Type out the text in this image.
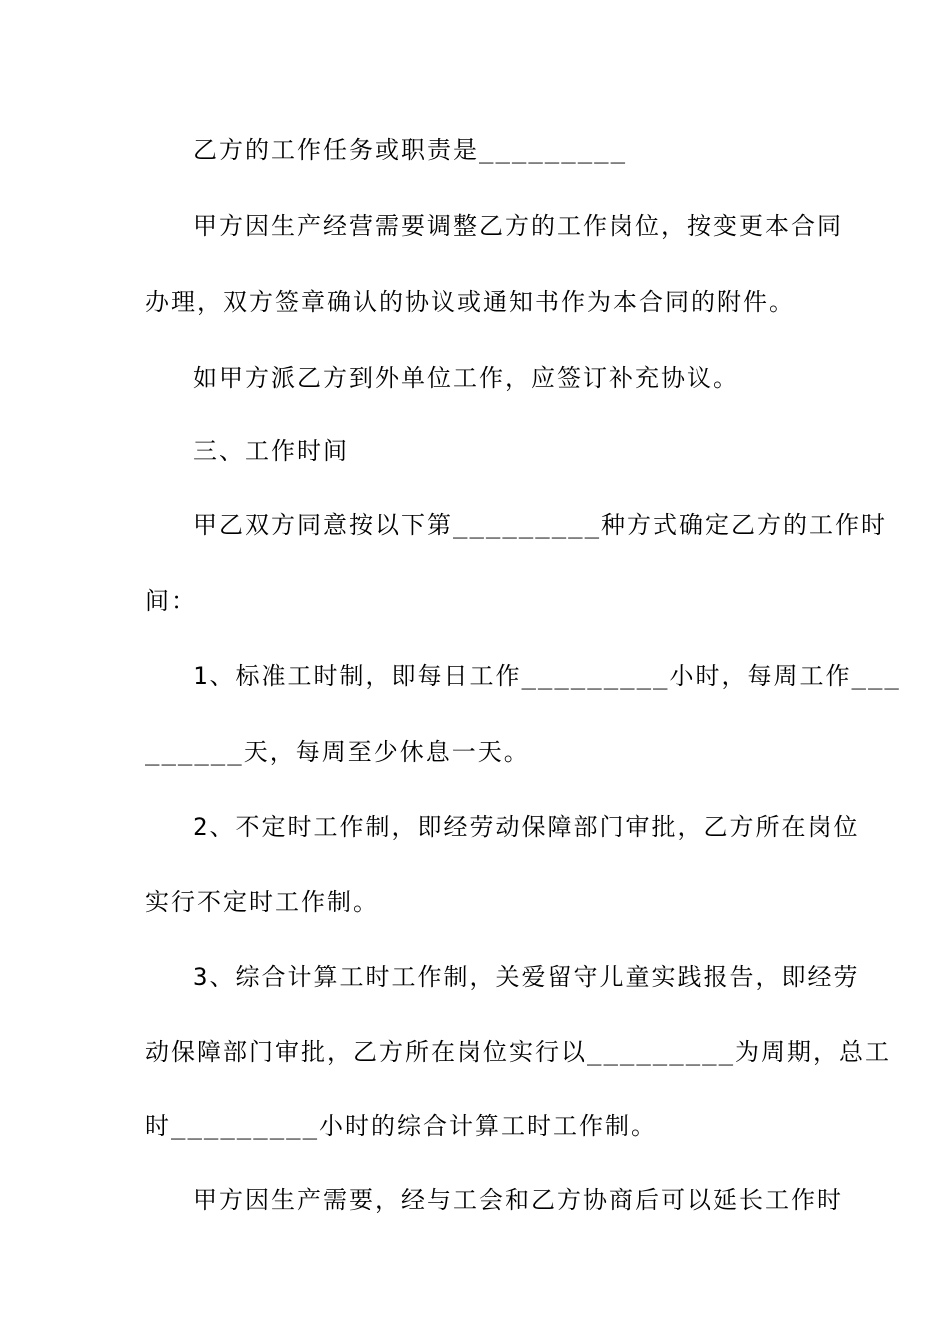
乙方的工作任务或职责是_________
甲方因生产经营需要调整乙方的工作岗位，按变更本合同
办理，双方签章确认的协议或通知书作为本合同的附件。
如甲方派乙方到外单位工作，应签订补充协议。
三、工作时间
甲乙双方同意按以下第_________种方式确定乙方的工作时
间：
1、标准工时制，即每日工作_________小时，每周工作___
______天，每周至少休息一天。
2、不定时工作制，即经劳动保障部门审批，乙方所在岗位
实行不定时工作制。
3、综合计算工时工作制，关爱留守儿童实践报告，即经劳
动保障部门审批，乙方所在岗位实行以_________为周期，总工
时_________小时的综合计算工时工作制。
甲方因生产需要，经与工会和乙方协商后可以延长工作时
